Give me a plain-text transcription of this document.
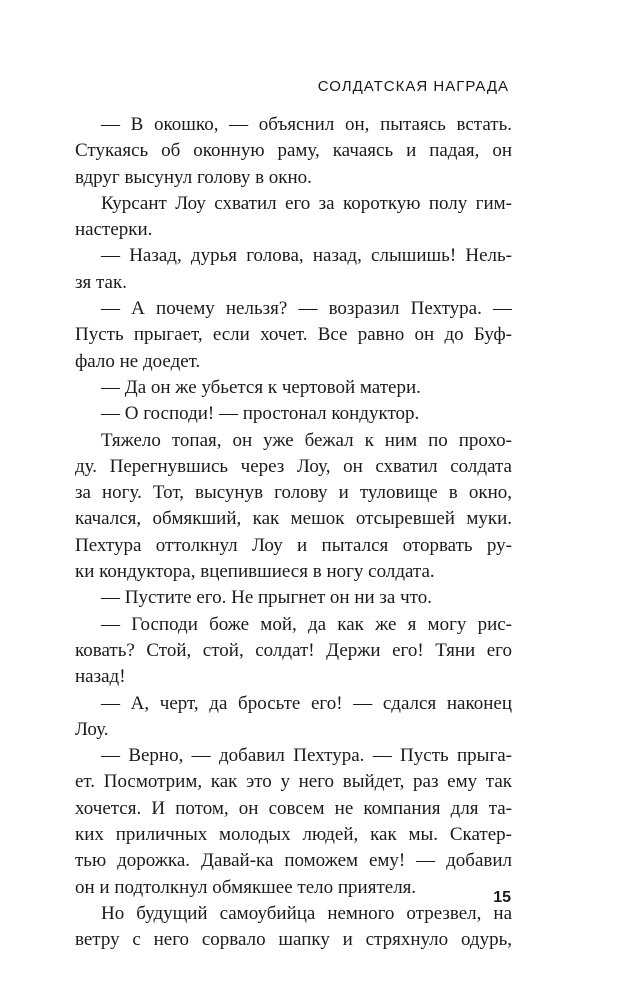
СОЛДАТСКАЯ НАГРАДА
— В окошко, — объяснил он, пытаясь встать.
Стукаясь об оконную раму, качаясь и падая, он
вдруг высунул голову в окно.
Курсант Лоу схватил его за короткую полу гим-
настерки.
— Назад, дурья голова, назад, слышишь! Нель-
зя так.
— А почему нельзя? — возразил Пехтура. —
Пусть прыгает, если хочет. Все равно он до Буф-
фало не доедет.
— Да он же убьется к чертовой матери.
— О господи! — простонал кондуктор.
Тяжело топая, он уже бежал к ним по прохо-
ду. Перегнувшись через Лоу, он схватил солдата
за ногу. Тот, высунув голову и туловище в окно,
качался, обмякший, как мешок отсыревшей муки.
Пехтура оттолкнул Лоу и пытался оторвать ру-
ки кондуктора, вцепившиеся в ногу солдата.
— Пустите его. Не прыгнет он ни за что.
— Господи боже мой, да как же я могу рис-
ковать? Стой, стой, солдат! Держи его! Тяни его
назад!
— А, черт, да бросьте его! — сдался наконец
Лоу.
— Верно, — добавил Пехтура. — Пусть прыга-
ет. Посмотрим, как это у него выйдет, раз ему так
хочется. И потом, он совсем не компания для та-
ких приличных молодых людей, как мы. Скатер-
тью дорожка. Давай-ка поможем ему! — добавил
он и подтолкнул обмякшее тело приятеля.
Но будущий самоубийца немного отрезвел, на
ветру с него сорвало шапку и стряхнуло одурь,
15
